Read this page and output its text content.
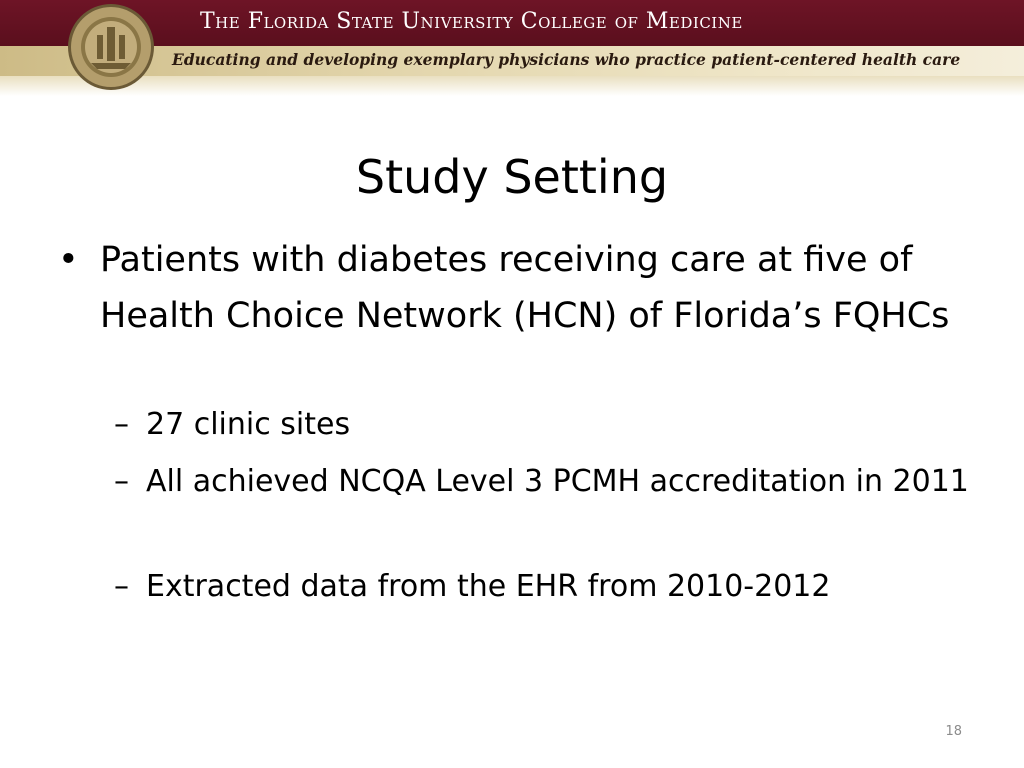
The Florida State University College of Medicine
Educating and developing exemplary physicians who practice patient-centered health care
Study Setting
• Patients with diabetes receiving care at five of Health Choice Network (HCN) of Florida’s FQHCs
– 27 clinic sites
– All achieved NCQA Level 3 PCMH accreditation in 2011
– Extracted data from the EHR from 2010-2012
18
